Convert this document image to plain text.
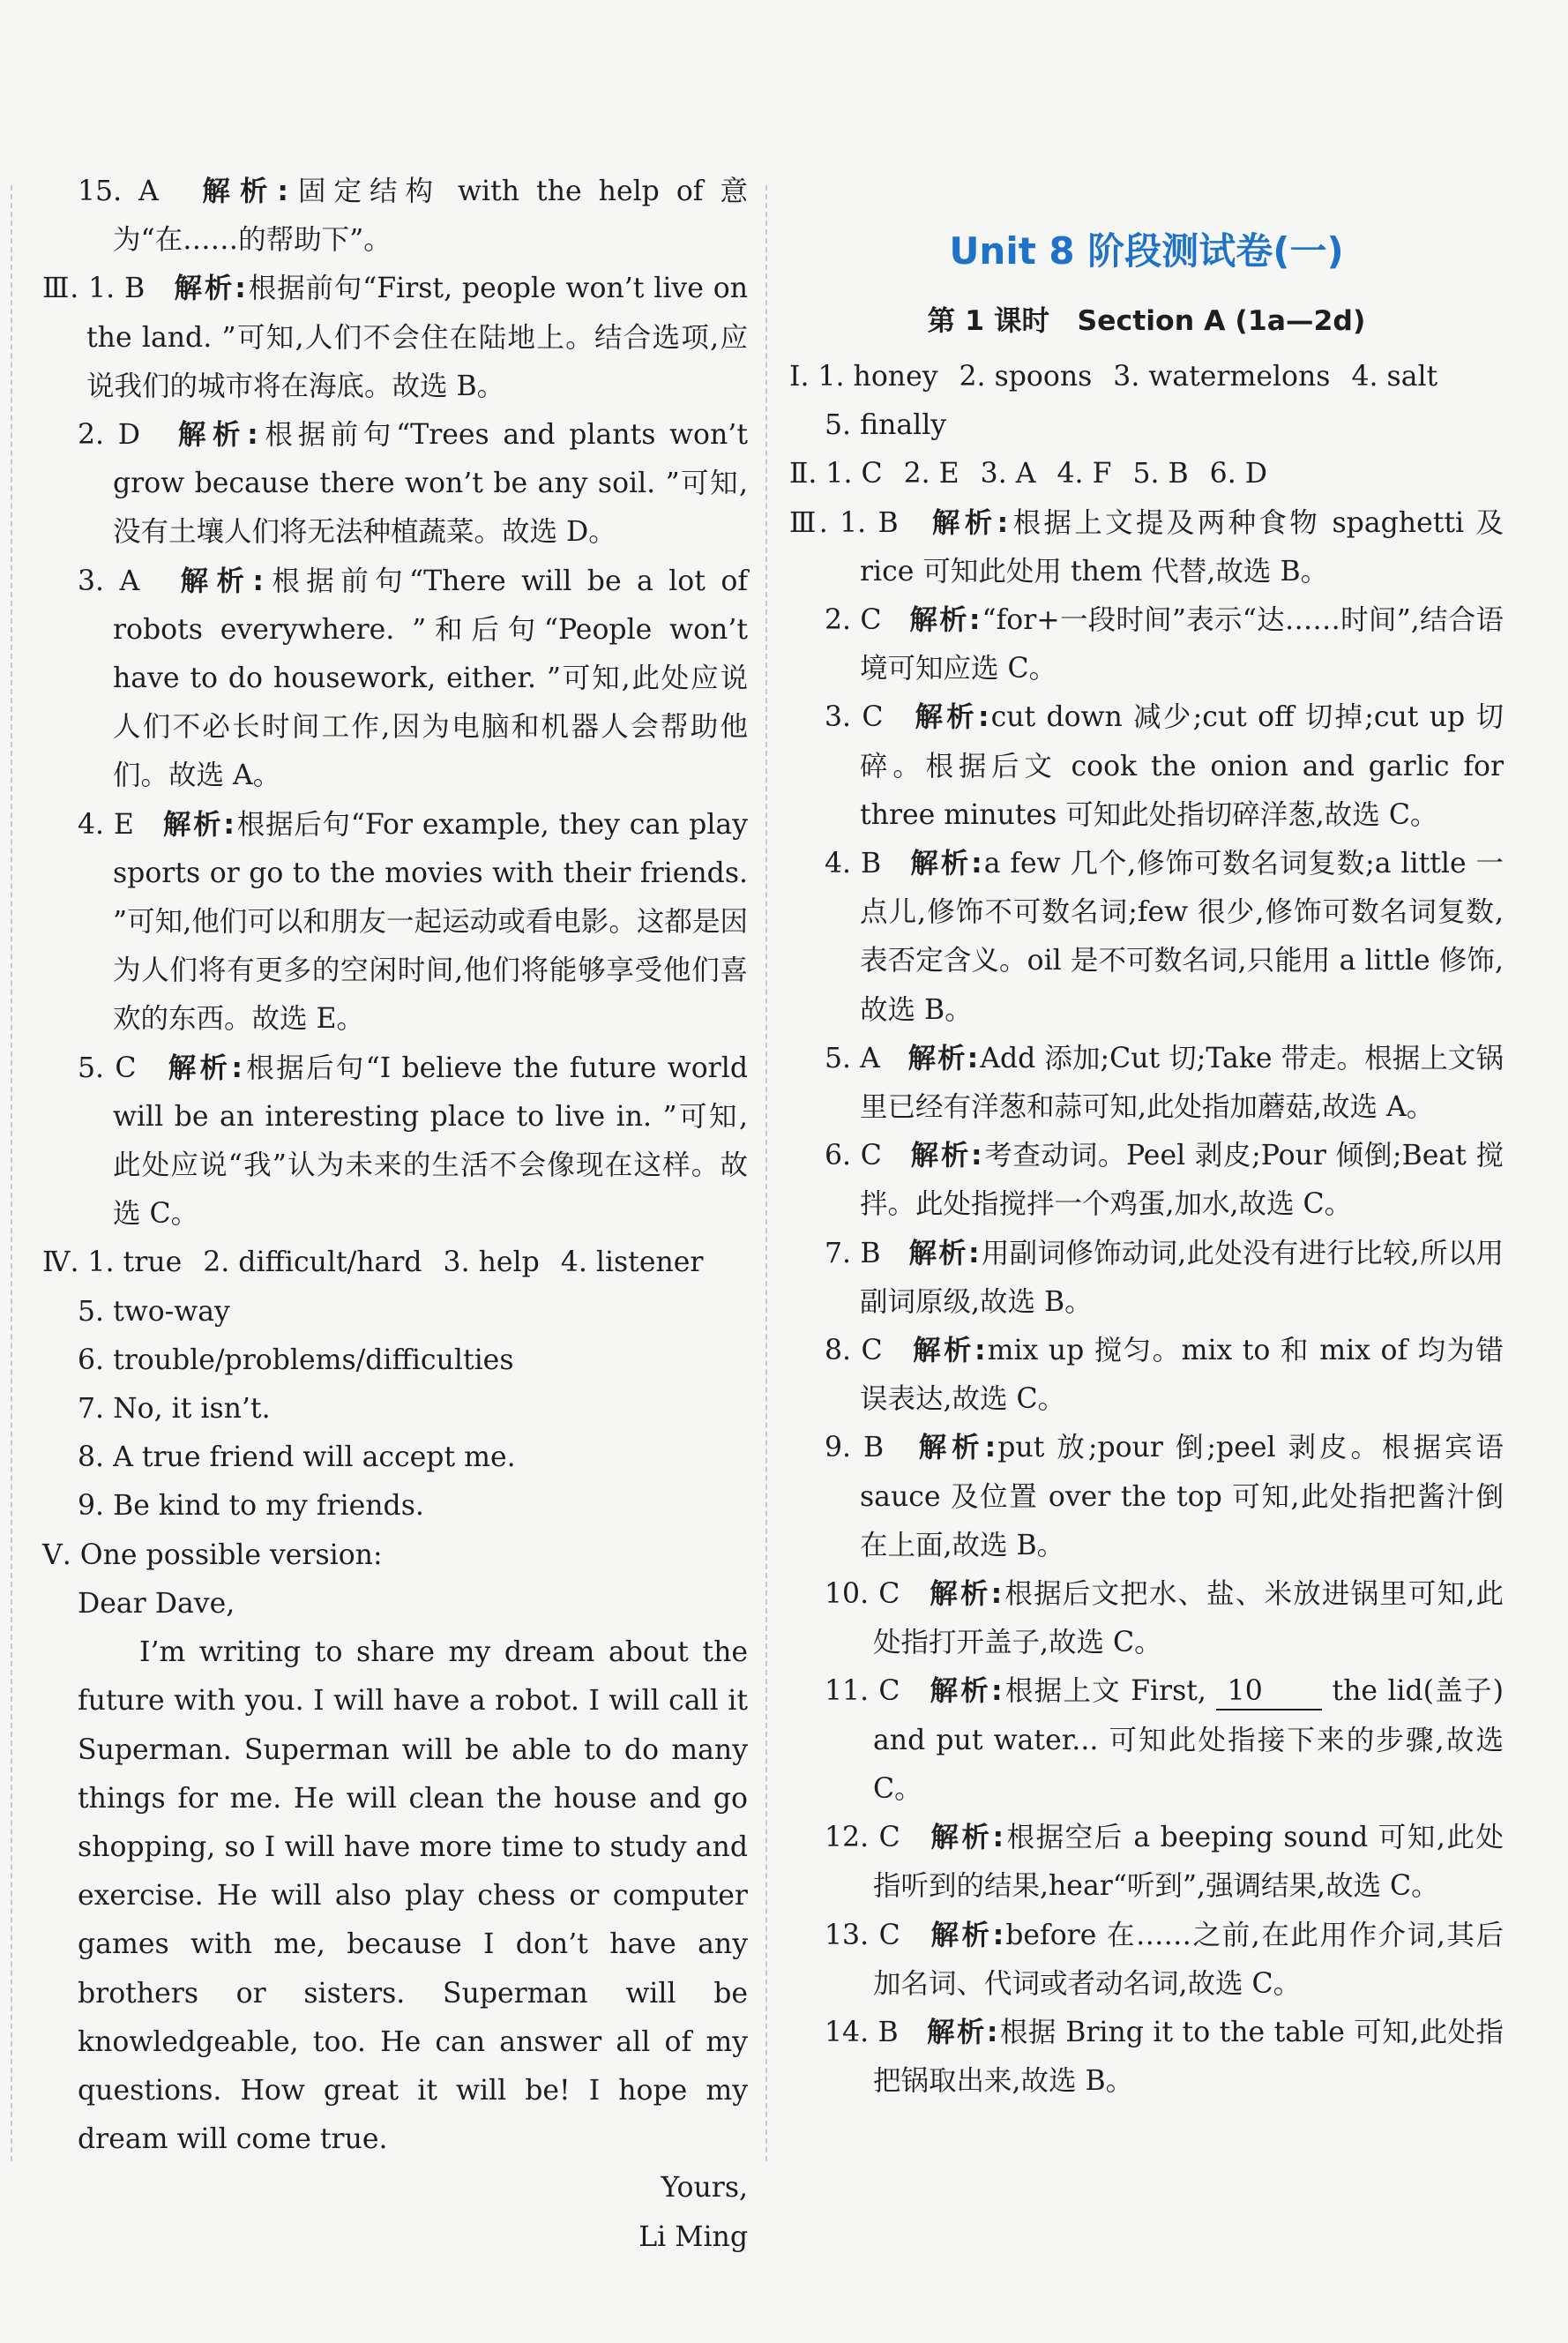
15. A　 解析:固定结构 with the help of 意为“在……的帮助下”。

Ⅲ. 1. B　 解析:根据前句“First, people won’t live on the land. ”可知,人们不会住在陆地上。结合选项,应说我们的城市将在海底。故选 B。

2. D　 解析:根据前句“Trees and plants won’t grow because there won’t be any soil. ”可知,没有土壤人们将无法种植蔬菜。故选 D。

3. A　 解析:根据前句“There will be a lot of robots everywhere. ”和后句“People won’t have to do housework, either. ”可知,此处应说人们不必长时间工作,因为电脑和机器人会帮助他们。故选 A。

4. E　 解析:根据后句“For example, they can play sports or go to the movies with their friends. ”可知,他们可以和朋友一起运动或看电影。这都是因为人们将有更多的空闲时间,他们将能够享受他们喜欢的东西。故选 E。

5. C　 解析:根据后句“I believe the future world will be an interesting place to live in. ”可知,此处应说“我”认为未来的生活不会像现在这样。故选 C。

Ⅳ. 1. true 2. difficult/hard 3. help 4. listener

5. two-way

6. trouble/problems/difficulties

7. No, it isn’t.

8. A true friend will accept me.

9. Be kind to my friends.

Ⅴ. One possible version:

Dear Dave,

I’m writing to share my dream about the future with you. I will have a robot. I will call it Superman. Superman will be able to do many things for me. He will clean the house and go shopping, so I will have more time to study and exercise. He will also play chess or computer games with me, because I don’t have any brothers or sisters. Superman will be knowledgeable, too. He can answer all of my questions. How great it will be! I hope my dream will come true.

Yours,

Li Ming

Unit 8 阶段测试卷(一)
第 1 课时　Section A (1a—2d)

Ⅰ. 1. honey 2. spoons 3. watermelons 4. salt

5. finally

Ⅱ. 1. C 2. E 3. A 4. F 5. B 6. D

Ⅲ. 1. B　 解析:根据上文提及两种食物 spaghetti 及 rice 可知此处用 them 代替,故选 B。

2. C　 解析:“for+一段时间”表示“达……时间”,结合语境可知应选 C。

3. C　 解析:cut down 减少;cut off 切掉;cut up 切碎。根据后文 cook the onion and garlic for three minutes 可知此处指切碎洋葱,故选 C。

4. B　 解析:a few 几个,修饰可数名词复数;a little 一点儿,修饰不可数名词;few 很少,修饰可数名词复数,表否定含义。oil 是不可数名词,只能用 a little 修饰,故选 B。

5. A　 解析:Add 添加;Cut 切;Take 带走。根据上文锅里已经有洋葱和蒜可知,此处指加蘑菇,故选 A。

6. C　 解析:考查动词。Peel 剥皮;Pour 倾倒;Beat 搅拌。此处指搅拌一个鸡蛋,加水,故选 C。

7. B　 解析:用副词修饰动词,此处没有进行比较,所以用副词原级,故选 B。

8. C　 解析:mix up 搅匀。mix to 和 mix of 均为错误表达,故选 C。

9. B　 解析:put 放;pour 倒;peel 剥皮。根据宾语 sauce 及位置 over the top 可知,此处指把酱汁倒在上面,故选 B。

10. C　 解析:根据后文把水、盐、米放进锅里可知,此处指打开盖子,故选 C。

11. C　 解析:根据上文 First, 10 the lid(盖子) and put water... 可知此处指接下来的步骤,故选 C。

12. C　 解析:根据空后 a beeping sound 可知,此处指听到的结果,hear“听到”,强调结果,故选 C。

13. C　 解析:before 在……之前,在此用作介词,其后加名词、代词或者动名词,故选 C。

14. B　 解析:根据 Bring it to the table 可知,此处指把锅取出来,故选 B。
